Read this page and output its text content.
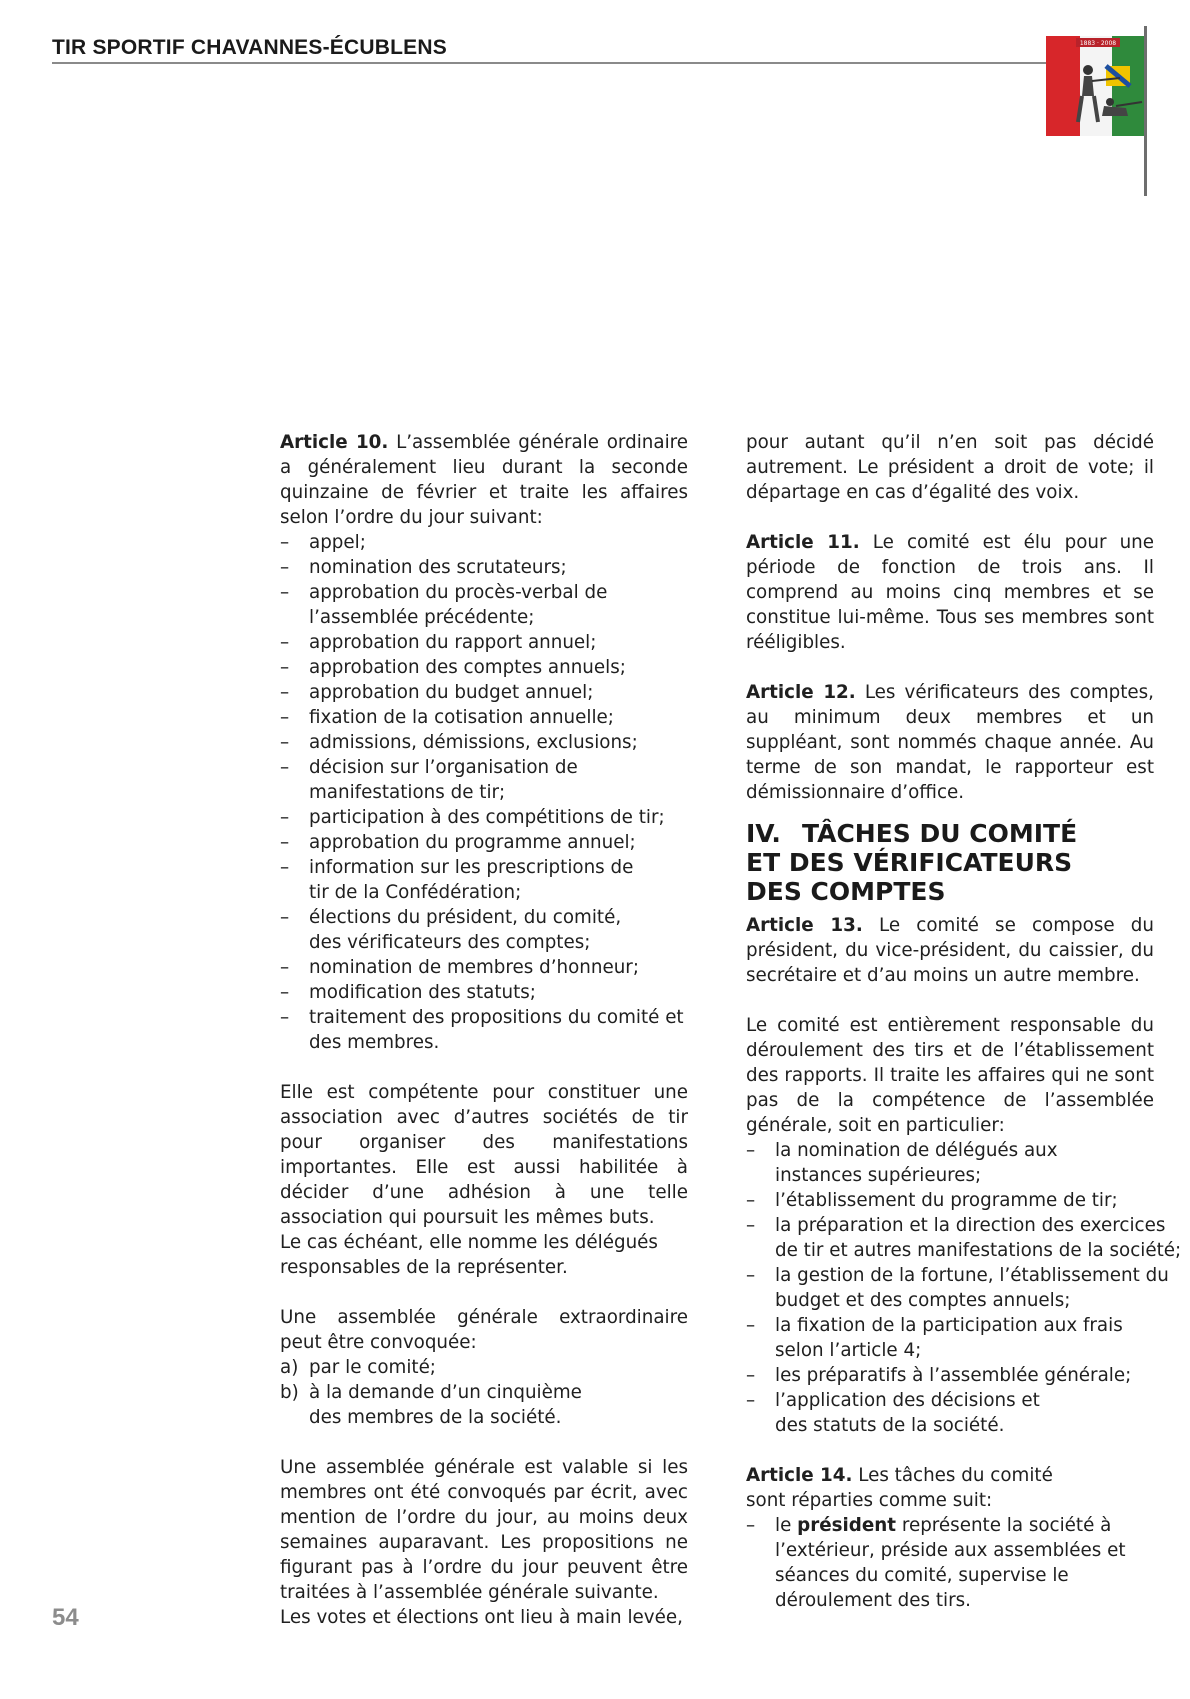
TIR SPORTIF CHAVANNES-ÉCUBLENS	1883 · 2008

Article 10. L’assemblée générale ordinaire a généralement lieu durant la seconde quinzaine de février et traite les affaires selon l’ordre du jour suivant:

– appel;

– nomination des scrutateurs;

– approbation du procès-verbal de l’assemblée précédente;

– approbation du rapport annuel;

– approbation des comptes annuels;

– approbation du budget annuel;

– fixation de la cotisation annuelle;

– admissions, démissions, exclusions;

– décision sur l’organisation de manifestations de tir;

– participation à des compétitions de tir;

– approbation du programme annuel;

– information sur les prescriptions de tir de la Confédération;

– élections du président, du comité, des vérificateurs des comptes;

– nomination de membres d’honneur;

– modification des statuts;

– traitement des propositions du comité et des membres.

Elle est compétente pour constituer une association avec d’autres sociétés de tir pour organiser des manifestations importantes. Elle est aussi habilitée à décider d’une adhésion à une telle association qui poursuit les mêmes buts.

Le cas échéant, elle nomme les délégués responsables de la représenter.

Une assemblée générale extraordinaire peut être convoquée:

a) par le comité;

b) à la demande d’un cinquième des membres de la société.

Une assemblée générale est valable si les membres ont été convoqués par écrit, avec mention de l’ordre du jour, au moins deux semaines auparavant. Les propositions ne figurant pas à l’ordre du jour peuvent être traitées à l’assemblée générale suivante.

Les votes et élections ont lieu à main levée,

pour autant qu’il n’en soit pas décidé autrement. Le président a droit de vote; il départage en cas d’égalité des voix.

Article 11. Le comité est élu pour une période de fonction de trois ans. Il comprend au moins cinq membres et se constitue lui-même. Tous ses membres sont rééligibles.

Article 12. Les vérificateurs des comptes, au minimum deux membres et un suppléant, sont nommés chaque année. Au terme de son mandat, le rapporteur est démissionnaire d’office.

IV. TÂCHES DU COMITÉ
ET DES VÉRIFICATEURS
DES COMPTES

Article 13. Le comité se compose du président, du vice-président, du caissier, du secrétaire et d’au moins un autre membre.

Le comité est entièrement responsable du déroulement des tirs et de l’établissement des rapports. Il traite les affaires qui ne sont pas de la compétence de l’assemblée générale, soit en particulier:

– la nomination de délégués aux instances supérieures;

– l’établissement du programme de tir;

– la préparation et la direction des exercices de tir et autres manifestations de la société;

– la gestion de la fortune, l’établissement du budget et des comptes annuels;

– la fixation de la participation aux frais selon l’article 4;

– les préparatifs à l’assemblée générale;

– l’application des décisions et des statuts de la société.

Article 14. Les tâches du comité sont réparties comme suit:

– le président représente la société à l’extérieur, préside aux assemblées et séances du comité, supervise le déroulement des tirs.

54
